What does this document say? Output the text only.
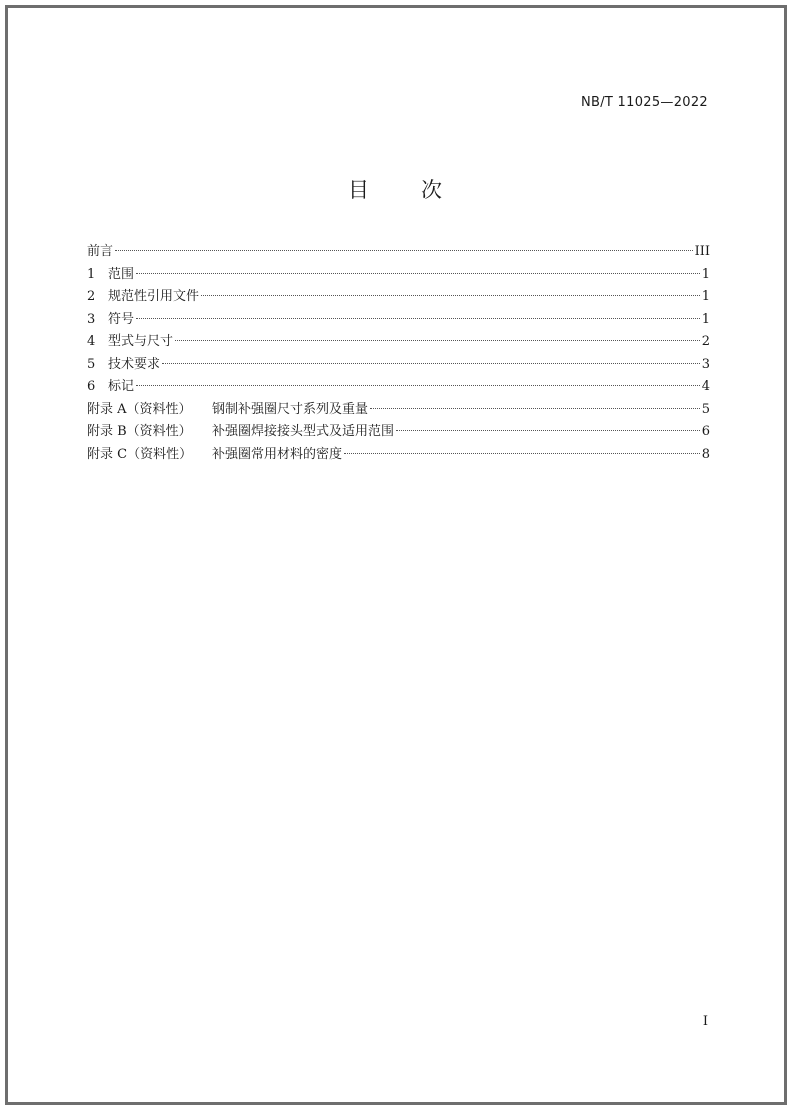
NB/T 11025—2022
目 次
前言	III
1 范围	1
2 规范性引用文件	1
3 符号	1
4 型式与尺寸	2
5 技术要求	3
6 标记	4
附录 A（资料性）	钢制补强圈尺寸系列及重量	5
附录 B（资料性）	补强圈焊接接头型式及适用范围	6
附录 C（资料性）	补强圈常用材料的密度	8
I
